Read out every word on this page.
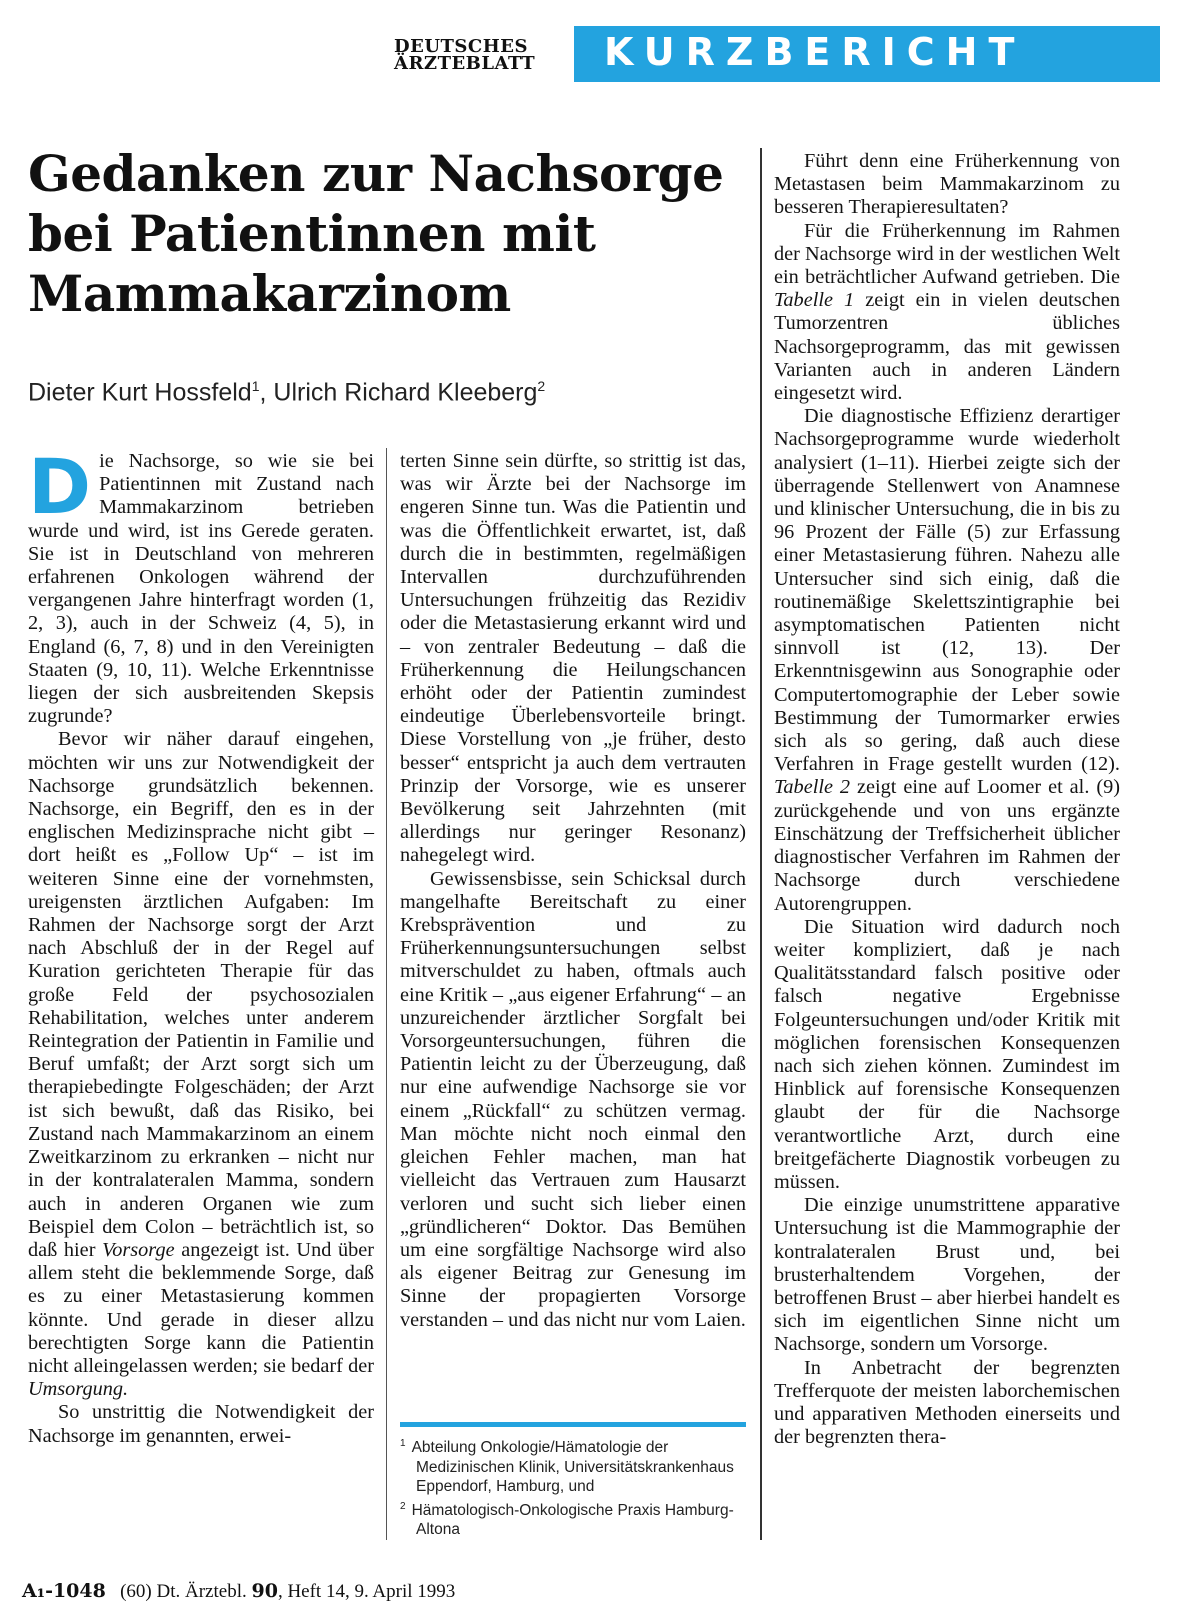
DEUTSCHES
ÄRZTEBLATT	KURZBERICHT
Gedanken zur Nachsorge bei Patientinnen mit Mammakarzinom
Dieter Kurt Hossfeld$^1$, Ulrich Richard Kleeberg$^2$

Die Nachsorge, so wie sie bei Patientinnen mit Zustand nach Mammakarzinom betrieben wurde und wird, ist ins Gerede geraten. Sie ist in Deutschland von mehreren erfahrenen Onkologen während der vergangenen Jahre hinterfragt worden (1, 2, 3), auch in der Schweiz (4, 5), in England (6, 7, 8) und in den Vereinigten Staaten (9, 10, 11). Welche Erkenntnisse liegen der sich ausbreitenden Skepsis zugrunde?

Bevor wir näher darauf eingehen, möchten wir uns zur Notwendigkeit der Nachsorge grundsätzlich bekennen. Nachsorge, ein Begriff, den es in der englischen Medizinsprache nicht gibt – dort heißt es „Follow Up“ – ist im weiteren Sinne eine der vornehmsten, ureigensten ärztlichen Aufgaben: Im Rahmen der Nachsorge sorgt der Arzt nach Abschluß der in der Regel auf Kuration gerichteten Therapie für das große Feld der psychosozialen Rehabilitation, welches unter anderem Reintegration der Patientin in Familie und Beruf umfaßt; der Arzt sorgt sich um therapiebedingte Folgeschäden; der Arzt ist sich bewußt, daß das Risiko, bei Zustand nach Mammakarzinom an einem Zweitkarzinom zu erkranken – nicht nur in der kontralateralen Mamma, sondern auch in anderen Organen wie zum Beispiel dem Colon – beträchtlich ist, so daß hier Vorsorge angezeigt ist. Und über allem steht die beklemmende Sorge, daß es zu einer Metastasierung kommen könnte. Und gerade in dieser allzu berechtigten Sorge kann die Patientin nicht alleingelassen werden; sie bedarf der Umsorgung.

So unstrittig die Notwendigkeit der Nachsorge im genannten, erwei-

terten Sinne sein dürfte, so strittig ist das, was wir Ärzte bei der Nachsorge im engeren Sinne tun. Was die Patientin und was die Öffentlichkeit erwartet, ist, daß durch die in bestimmten, regelmäßigen Intervallen durchzuführenden Untersuchungen frühzeitig das Rezidiv oder die Metastasierung erkannt wird und – von zentraler Bedeutung – daß die Früherkennung die Heilungschancen erhöht oder der Patientin zumindest eindeutige Überlebensvorteile bringt. Diese Vorstellung von „je früher, desto besser“ entspricht ja auch dem vertrauten Prinzip der Vorsorge, wie es unserer Bevölkerung seit Jahrzehnten (mit allerdings nur geringer Resonanz) nahegelegt wird.

Gewissensbisse, sein Schicksal durch mangelhafte Bereitschaft zu einer Krebsprävention und zu Früherkennungsuntersuchungen selbst mitverschuldet zu haben, oftmals auch eine Kritik – „aus eigener Erfahrung“ – an unzureichender ärztlicher Sorgfalt bei Vorsorgeuntersuchungen, führen die Patientin leicht zu der Überzeugung, daß nur eine aufwendige Nachsorge sie vor einem „Rückfall“ zu schützen vermag. Man möchte nicht noch einmal den gleichen Fehler machen, man hat vielleicht das Vertrauen zum Hausarzt verloren und sucht sich lieber einen „gründlicheren“ Doktor. Das Bemühen um eine sorgfältige Nachsorge wird also als eigener Beitrag zur Genesung im Sinne der propagierten Vorsorge verstanden – und das nicht nur vom Laien.

$^1$ Abteilung Onkologie/Hämatologie der Medizinischen Klinik, Universitätskrankenhaus Eppendorf, Hamburg, und
$^2$ Hämatologisch-Onkologische Praxis Hamburg-Altona

Führt denn eine Früherkennung von Metastasen beim Mammakarzinom zu besseren Therapieresultaten?

Für die Früherkennung im Rahmen der Nachsorge wird in der westlichen Welt ein beträchtlicher Aufwand getrieben. Die Tabelle 1 zeigt ein in vielen deutschen Tumorzentren übliches Nachsorgeprogramm, das mit gewissen Varianten auch in anderen Ländern eingesetzt wird.

Die diagnostische Effizienz derartiger Nachsorgeprogramme wurde wiederholt analysiert (1–11). Hierbei zeigte sich der überragende Stellenwert von Anamnese und klinischer Untersuchung, die in bis zu 96 Prozent der Fälle (5) zur Erfassung einer Metastasierung führen. Nahezu alle Untersucher sind sich einig, daß die routinemäßige Skelettszintigraphie bei asymptomatischen Patienten nicht sinnvoll ist (12, 13). Der Erkenntnisgewinn aus Sonographie oder Computertomographie der Leber sowie Bestimmung der Tumormarker erwies sich als so gering, daß auch diese Verfahren in Frage gestellt wurden (12). Tabelle 2 zeigt eine auf Loomer et al. (9) zurückgehende und von uns ergänzte Einschätzung der Treffsicherheit üblicher diagnostischer Verfahren im Rahmen der Nachsorge durch verschiedene Autorengruppen.

Die Situation wird dadurch noch weiter kompliziert, daß je nach Qualitätsstandard falsch positive oder falsch negative Ergebnisse Folgeuntersuchungen und/oder Kritik mit möglichen forensischen Konsequenzen nach sich ziehen können. Zumindest im Hinblick auf forensische Konsequenzen glaubt der für die Nachsorge verantwortliche Arzt, durch eine breitgefächerte Diagnostik vorbeugen zu müssen.

Die einzige unumstrittene apparative Untersuchung ist die Mammographie der kontralateralen Brust und, bei brusterhaltendem Vorgehen, der betroffenen Brust – aber hierbei handelt es sich im eigentlichen Sinne nicht um Nachsorge, sondern um Vorsorge.

In Anbetracht der begrenzten Trefferquote der meisten laborchemischen und apparativen Methoden einerseits und der begrenzten thera-

A₁-1048 (60) Dt. Ärztebl. 90, Heft 14, 9. April 1993
